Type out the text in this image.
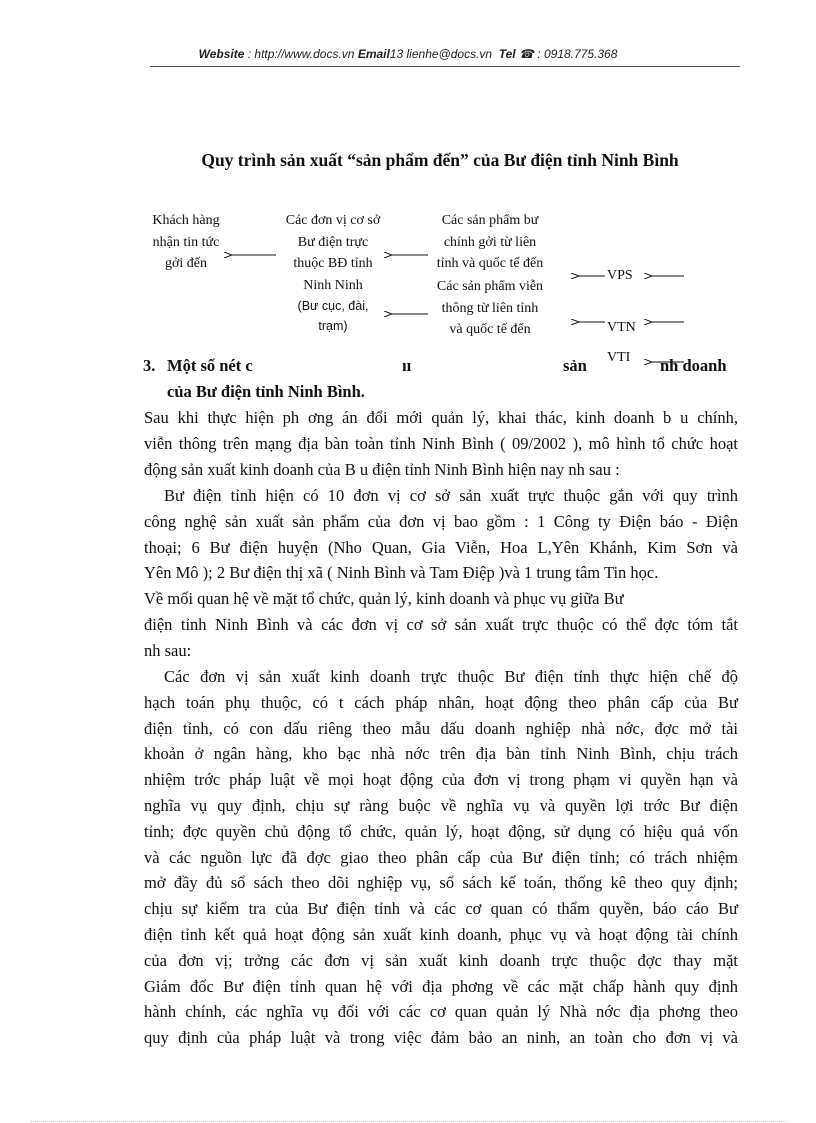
Website : http://www.docs.vn Email13 lienhe@docs.vn Tel ☎ : 0918.775.368
Quy trình sản xuất “sản phẩm đến” của Bư điện tỉnh Ninh Bình
Khách hàng
nhận tin tức
gởi đến
Các đơn vị cơ sở
Bư điện trực
thuộc BĐ tỉnh
Ninh Ninh
(Bư cục, đài,
trạm)
Các sản phẩm bư
chính gởi từ liên
tỉnh và quốc tế đến
Các sản phẩm viễn
thông từ liên tỉnh
và quốc tế đến
VPS
VTN
VTI
3. Một số nét c	ıı	sản	nh doanh
của Bư điện tỉnh Ninh Bình.
Sau khi thực hiện ph ơng án đổi mới quản lý, khai thác, kinh doanh b u chính,
viễn thông trên mạng địa bàn toàn tỉnh Ninh Bình ( 09/2002 ), mô hình tổ chức hoạt
động sản xuất kinh doanh của B u điện tỉnh Ninh Bình hiện nay nh sau :
Bư điện tỉnh hiện có 10 đơn vị cơ sở sản xuất trực thuộc gắn với quy trình
công nghệ sản xuất sản phẩm của đơn vị bao gồm : 1 Công ty Điện báo - Điện
thoại; 6 Bư điện huyện (Nho Quan, Gia Viễn, Hoa L,Yên Khánh, Kim Sơn và
Yên Mô ); 2 Bư điện thị xã ( Ninh Bình và Tam Điệp )và 1 trung tâm Tin học.
Về mối quan hệ về mặt tổ chức, quản lý, kinh doanh và phục vụ giữa Bư
điện tỉnh Ninh Bình và các đơn vị cơ sở sản xuất trực thuộc có thể đợc tóm tắt
nh sau:
Các đơn vị sản xuất kinh doanh trực thuộc Bư điện tỉnh thực hiện chế độ
hạch toán phụ thuộc, có t cách pháp nhân, hoạt động theo phân cấp của Bư
điện tỉnh, có con dấu riêng theo mẫu dấu doanh nghiệp nhà nớc, đợc mở tài
khoản ở ngân hàng, kho bạc nhà nớc trên địa bàn tỉnh Ninh Bình, chịu trách
nhiệm trớc pháp luật về mọi hoạt động của đơn vị trong phạm vi quyền hạn và
nghĩa vụ quy định, chịu sự ràng buộc về nghĩa vụ và quyền lợi trớc Bư điện
tỉnh; đợc quyền chủ động tổ chức, quản lý, hoạt động, sử dụng có hiệu quả vốn
và các nguồn lực đã đợc giao theo phân cấp của Bư điện tỉnh; có trách nhiệm
mở đầy đủ sổ sách theo dõi nghiệp vụ, sổ sách kế toán, thống kê theo quy định;
chịu sự kiểm tra của Bư điện tỉnh và các cơ quan có thẩm quyền, báo cáo Bư
điện tỉnh kết quả hoạt động sản xuất kinh doanh, phục vụ và hoạt động tài chính
của đơn vị; trởng các đơn vị sản xuất kinh doanh trực thuộc đợc thay mặt
Giám đốc Bư điện tỉnh quan hệ với địa phơng về các mặt chấp hành quy định
hành chính, các nghĩa vụ đối với các cơ quan quản lý Nhà nớc địa phơng theo
quy định của pháp luật và trong việc đảm bảo an ninh, an toàn cho đơn vị và
